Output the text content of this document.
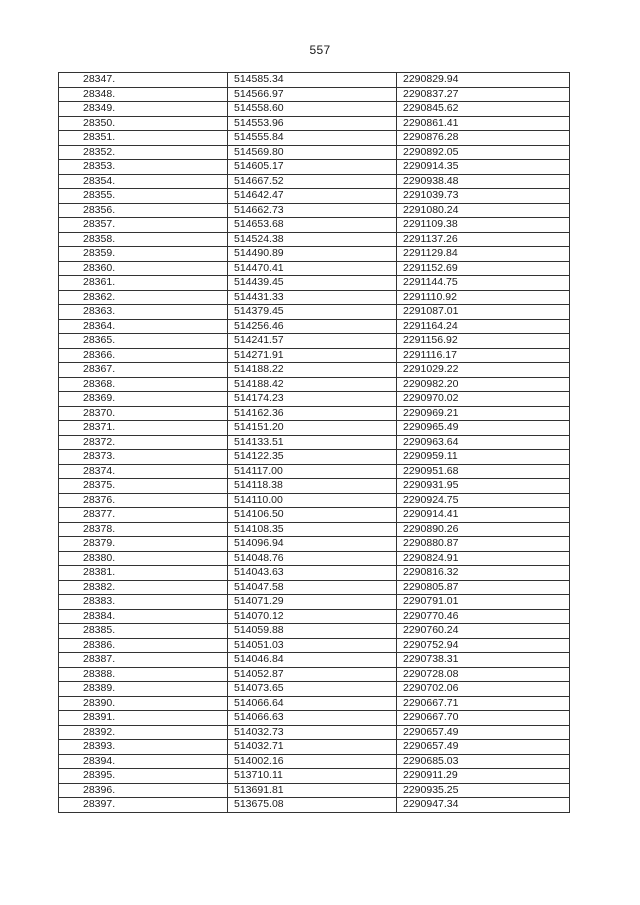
557
28347.	514585.34	2290829.94
28348.	514566.97	2290837.27
28349.	514558.60	2290845.62
28350.	514553.96	2290861.41
28351.	514555.84	2290876.28
28352.	514569.80	2290892.05
28353.	514605.17	2290914.35
28354.	514667.52	2290938.48
28355.	514642.47	2291039.73
28356.	514662.73	2291080.24
28357.	514653.68	2291109.38
28358.	514524.38	2291137.26
28359.	514490.89	2291129.84
28360.	514470.41	2291152.69
28361.	514439.45	2291144.75
28362.	514431.33	2291110.92
28363.	514379.45	2291087.01
28364.	514256.46	2291164.24
28365.	514241.57	2291156.92
28366.	514271.91	2291116.17
28367.	514188.22	2291029.22
28368.	514188.42	2290982.20
28369.	514174.23	2290970.02
28370.	514162.36	2290969.21
28371.	514151.20	2290965.49
28372.	514133.51	2290963.64
28373.	514122.35	2290959.11
28374.	514117.00	2290951.68
28375.	514118.38	2290931.95
28376.	514110.00	2290924.75
28377.	514106.50	2290914.41
28378.	514108.35	2290890.26
28379.	514096.94	2290880.87
28380.	514048.76	2290824.91
28381.	514043.63	2290816.32
28382.	514047.58	2290805.87
28383.	514071.29	2290791.01
28384.	514070.12	2290770.46
28385.	514059.88	2290760.24
28386.	514051.03	2290752.94
28387.	514046.84	2290738.31
28388.	514052.87	2290728.08
28389.	514073.65	2290702.06
28390.	514066.64	2290667.71
28391.	514066.63	2290667.70
28392.	514032.73	2290657.49
28393.	514032.71	2290657.49
28394.	514002.16	2290685.03
28395.	513710.11	2290911.29
28396.	513691.81	2290935.25
28397.	513675.08	2290947.34
